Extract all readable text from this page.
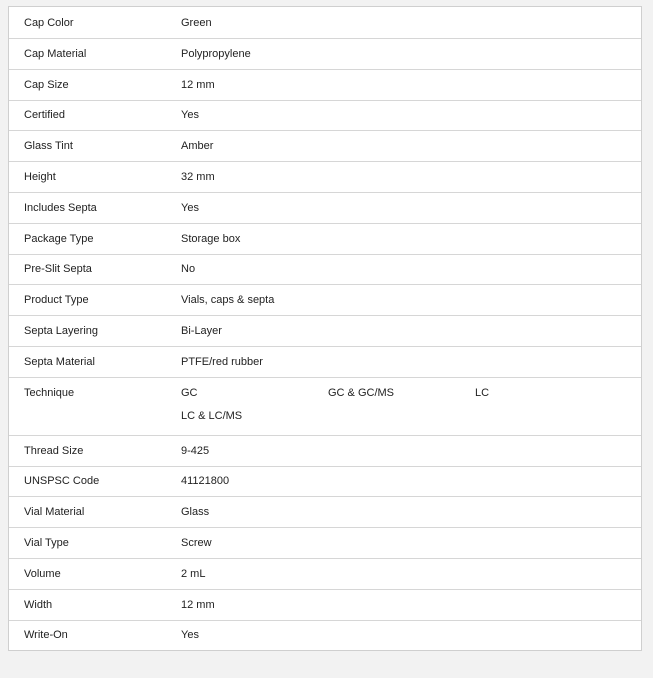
Cap Color	Green
Cap Material	Polypropylene
Cap Size	12 mm
Certified	Yes
Glass Tint	Amber
Height	32 mm
Includes Septa	Yes
Package Type	Storage box
Pre-Slit Septa	No
Product Type	Vials, caps & septa
Septa Layering	Bi-Layer
Septa Material	PTFE/red rubber
Technique	GC	GC & GC/MS	LC
LC & LC/MS
Thread Size	9-425
UNSPSC Code	41121800
Vial Material	Glass
Vial Type	Screw
Volume	2 mL
Width	12 mm
Write-On	Yes
